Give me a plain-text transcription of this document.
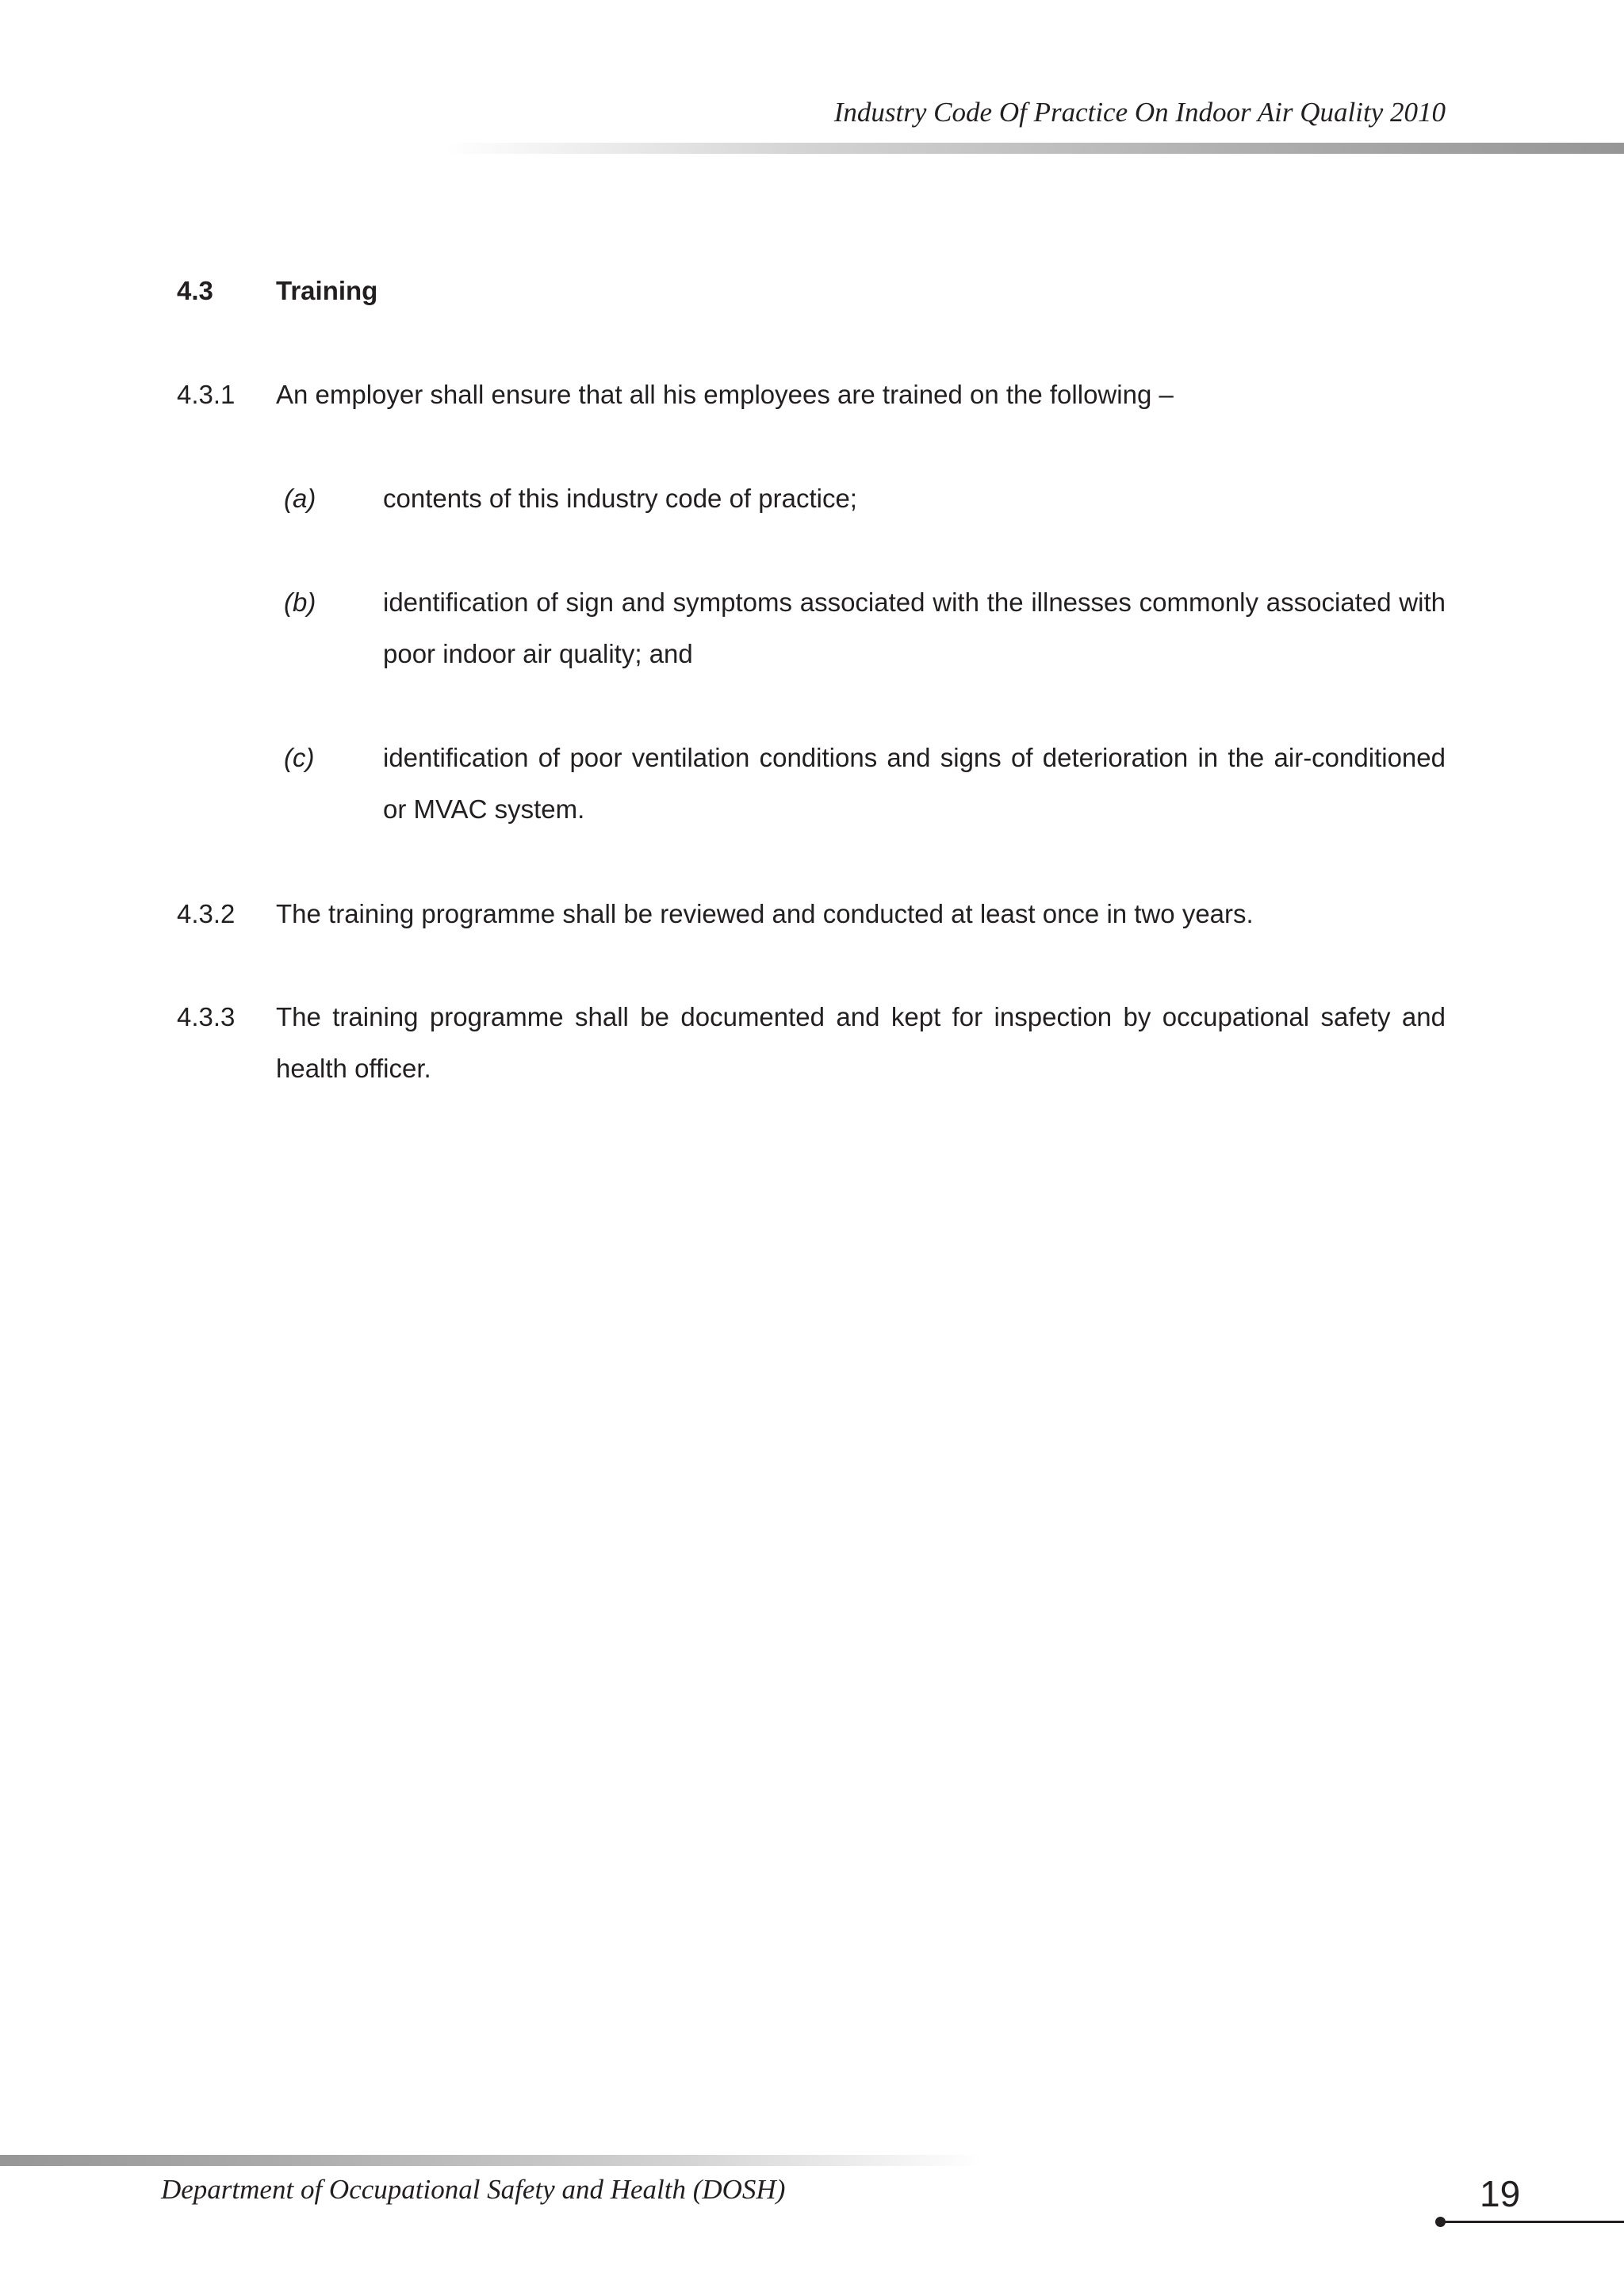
Industry Code Of Practice On Indoor Air Quality 2010
4.3 Training
4.3.1 An employer shall ensure that all his employees are trained on the following –
(a)	contents of this industry code of practice;
(b)	identification of sign and symptoms associated with the illnesses commonly associated with poor indoor air quality; and
(c)	identification of poor ventilation conditions and signs of deterioration in the air-conditioned or MVAC system.
4.3.2 The training programme shall be reviewed and conducted at least once in two years.
4.3.3 The training programme shall be documented and kept for inspection by occupational safety and health officer.
Department of Occupational Safety and Health (DOSH)	19
